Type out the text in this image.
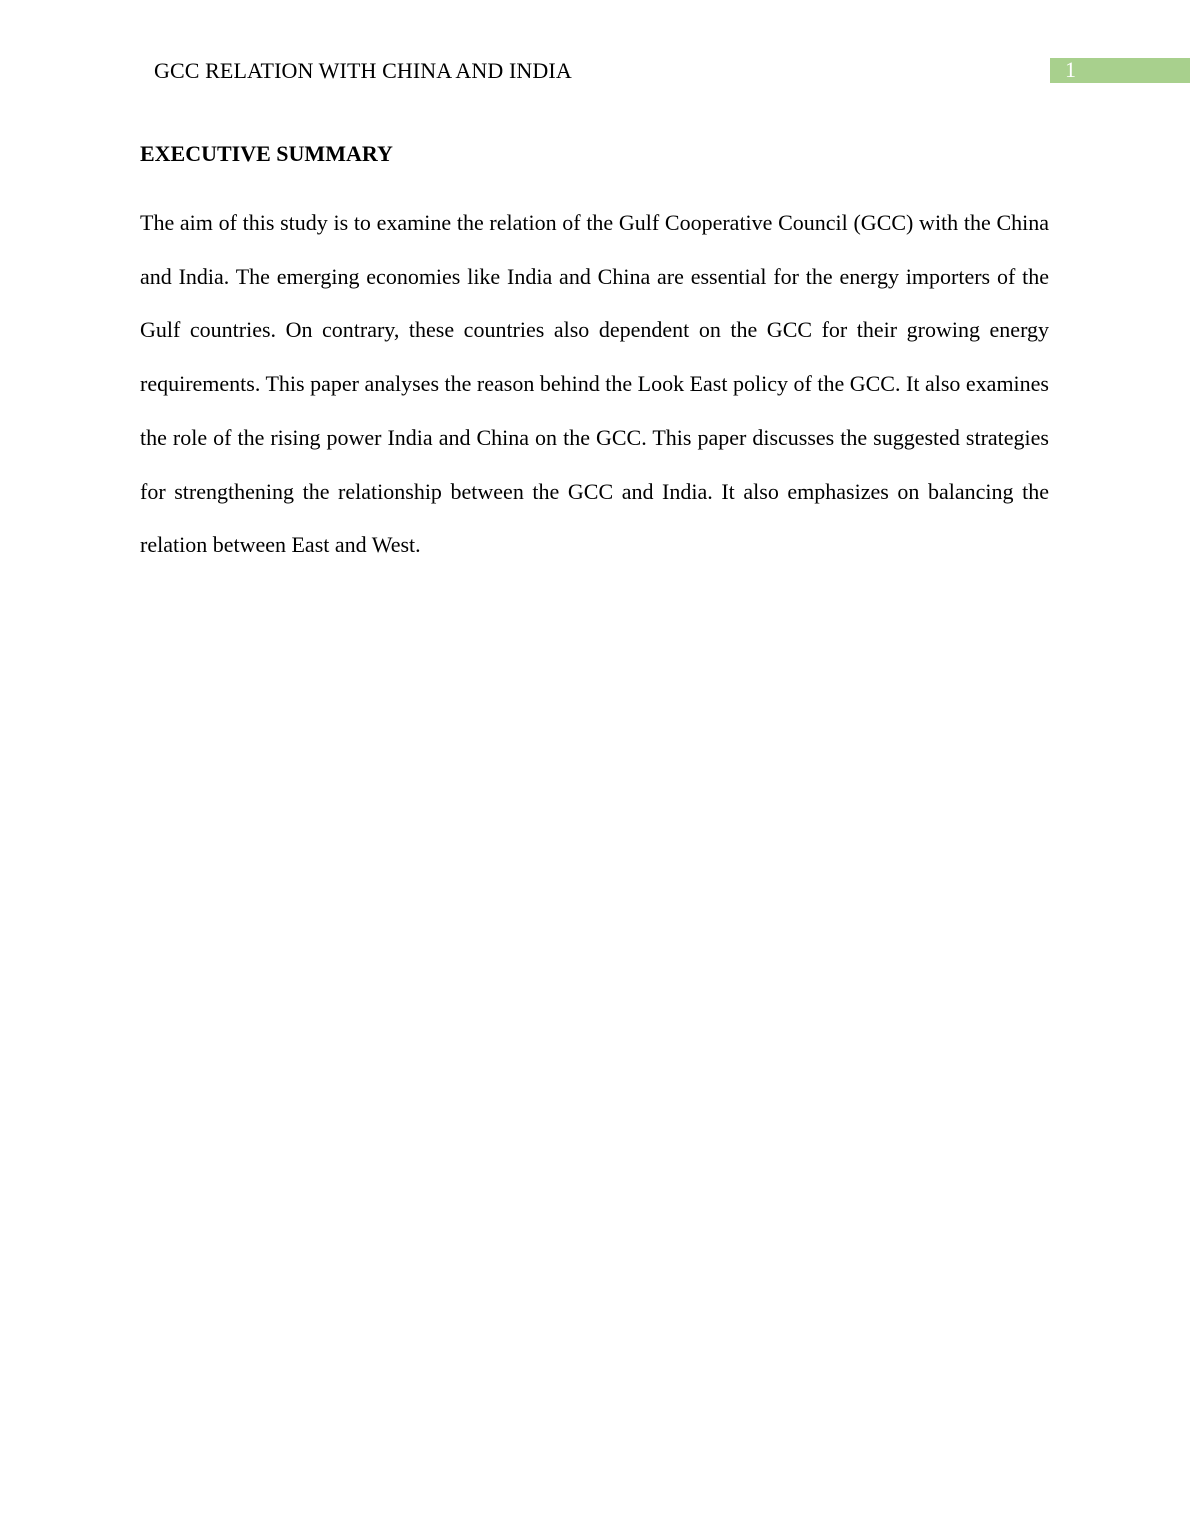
GCC RELATION WITH CHINA AND INDIA	1
EXECUTIVE SUMMARY

The aim of this study is to examine the relation of the Gulf Cooperative Council (GCC) with the China and India. The emerging economies like India and China are essential for the energy importers of the Gulf countries. On contrary, these countries also dependent on the GCC for their growing energy requirements. This paper analyses the reason behind the Look East policy of the GCC. It also examines the role of the rising power India and China on the GCC. This paper discusses the suggested strategies for strengthening the relationship between the GCC and India. It also emphasizes on balancing the relation between East and West.
